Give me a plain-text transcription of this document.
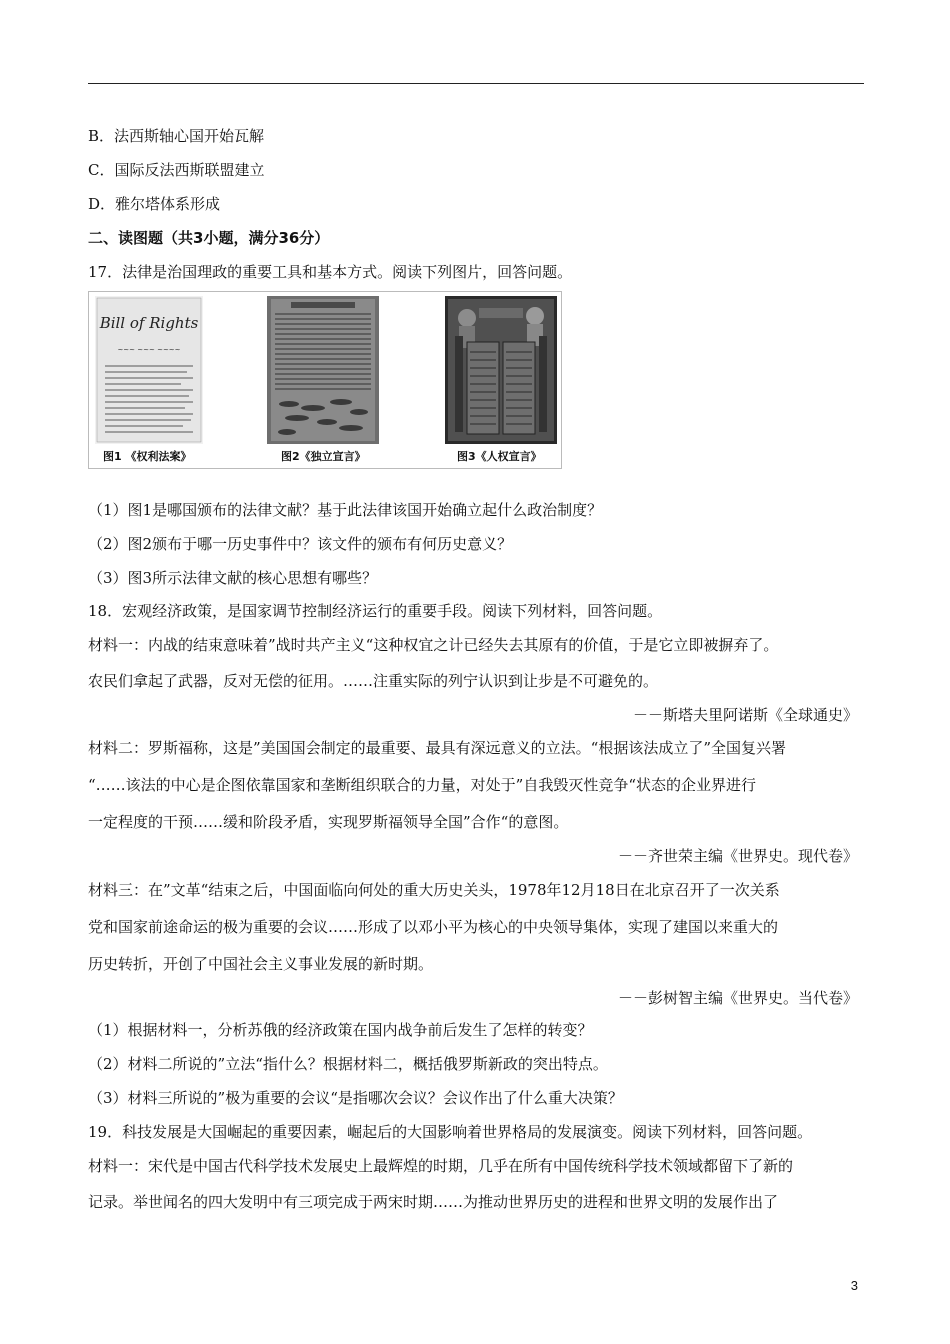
B．法西斯轴心国开始瓦解
C．国际反法西斯联盟建立
D．雅尔塔体系形成
二、读图题（共3小题，满分36分）
17．法律是治国理政的重要工具和基本方式。阅读下列图片，回答问题。
Bill of Rights
~~~ ~~~ ~~~~
图1 《权利法案》	图2《独立宣言》	图3《人权宣言》
（1）图1是哪国颁布的法律文献？基于此法律该国开始确立起什么政治制度？
（2）图2颁布于哪一历史事件中？该文件的颁布有何历史意义？
（3）图3所示法律文献的核心思想有哪些？
18．宏观经济政策，是国家调节控制经济运行的重要手段。阅读下列材料，回答问题。
材料一：内战的结束意味着”战时共产主义“这种权宜之计已经失去其原有的价值，于是它立即被摒弃了。
农民们拿起了武器，反对无偿的征用。……注重实际的列宁认识到让步是不可避免的。
－－斯塔夫里阿诺斯《全球通史》
材料二：罗斯福称，这是”美国国会制定的最重要、最具有深远意义的立法。“根据该法成立了”全国复兴署
“……该法的中心是企图依靠国家和垄断组织联合的力量，对处于”自我毁灭性竞争“状态的企业界进行
一定程度的干预……缓和阶段矛盾，实现罗斯福领导全国”合作“的意图。
－－齐世荣主编《世界史。现代卷》
材料三：在”文革“结束之后，中国面临向何处的重大历史关头，1978年12月18日在北京召开了一次关系
党和国家前途命运的极为重要的会议……形成了以邓小平为核心的中央领导集体，实现了建国以来重大的
历史转折，开创了中国社会主义事业发展的新时期。
－－彭树智主编《世界史。当代卷》
（1）根据材料一，分析苏俄的经济政策在国内战争前后发生了怎样的转变？
（2）材料二所说的”立法“指什么？根据材料二，概括俄罗斯新政的突出特点。
（3）材料三所说的”极为重要的会议“是指哪次会议？会议作出了什么重大决策？
19．科技发展是大国崛起的重要因素，崛起后的大国影响着世界格局的发展演变。阅读下列材料，回答问题。
材料一：宋代是中国古代科学技术发展史上最辉煌的时期，几乎在所有中国传统科学技术领域都留下了新的
记录。举世闻名的四大发明中有三项完成于两宋时期……为推动世界历史的进程和世界文明的发展作出了
3
